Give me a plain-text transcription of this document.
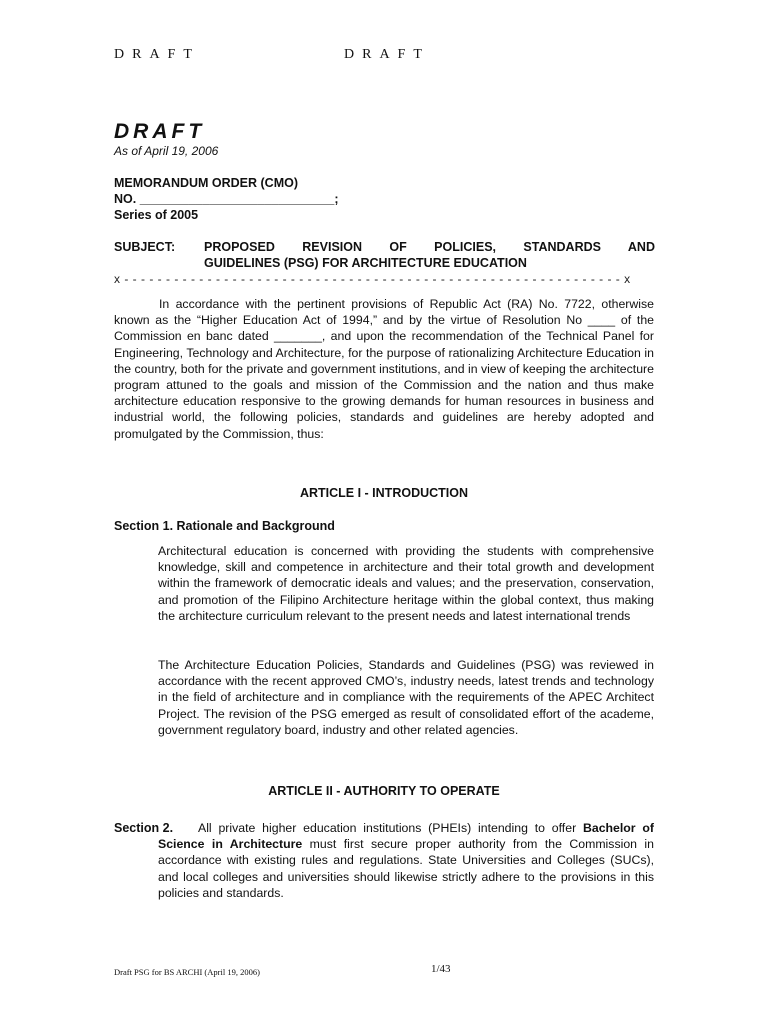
DRAFT	DRAFT
DRAFT
As of April 19, 2006
MEMORANDUM ORDER (CMO)
NO. ____________________________;
Series of 2005
SUBJECT: PROPOSED REVISION OF POLICIES, STANDARDS AND
GUIDELINES (PSG) FOR ARCHITECTURE EDUCATION
x - - - - - - - - - - - - - - - - - - - - - - - - - - - - - - - - - - - - - - - - - - - - - - - - - - - - - - - - - - - - x
In accordance with the pertinent provisions of Republic Act (RA) No. 7722, otherwise known as the “Higher Education Act of 1994,” and by the virtue of Resolution No ____ of the Commission en banc dated _______, and upon the recommendation of the Technical Panel for Engineering, Technology and Architecture, for the purpose of rationalizing Architecture Education in the country, both for the private and government institutions, and in view of keeping the architecture program attuned to the goals and mission of the Commission and the nation and thus make architecture education responsive to the growing demands for human resources in business and industrial world, the following policies, standards and guidelines are hereby adopted and promulgated by the Commission, thus:
ARTICLE I - INTRODUCTION
Section 1. Rationale and Background
Architectural education is concerned with providing the students with comprehensive knowledge, skill and competence in architecture and their total growth and development within the framework of democratic ideals and values; and the preservation, conservation, and promotion of the Filipino Architecture heritage within the global context, thus making the architecture curriculum relevant to the present needs and latest international trends
The Architecture Education Policies, Standards and Guidelines (PSG) was reviewed in accordance with the recent approved CMO’s, industry needs, latest trends and technology in the field of architecture and in compliance with the requirements of the APEC Architect Project. The revision of the PSG emerged as result of consolidated effort of the academe, government regulatory board, industry and other related agencies.
ARTICLE II - AUTHORITY TO OPERATE
Section 2.	All private higher education institutions (PHEIs) intending to offer Bachelor of Science in Architecture must first secure proper authority from the Commission in accordance with existing rules and regulations. State Universities and Colleges (SUCs), and local colleges and universities should likewise strictly adhere to the provisions in this policies and standards.
Draft PSG for BS ARCHI (April 19, 2006)	1/43
